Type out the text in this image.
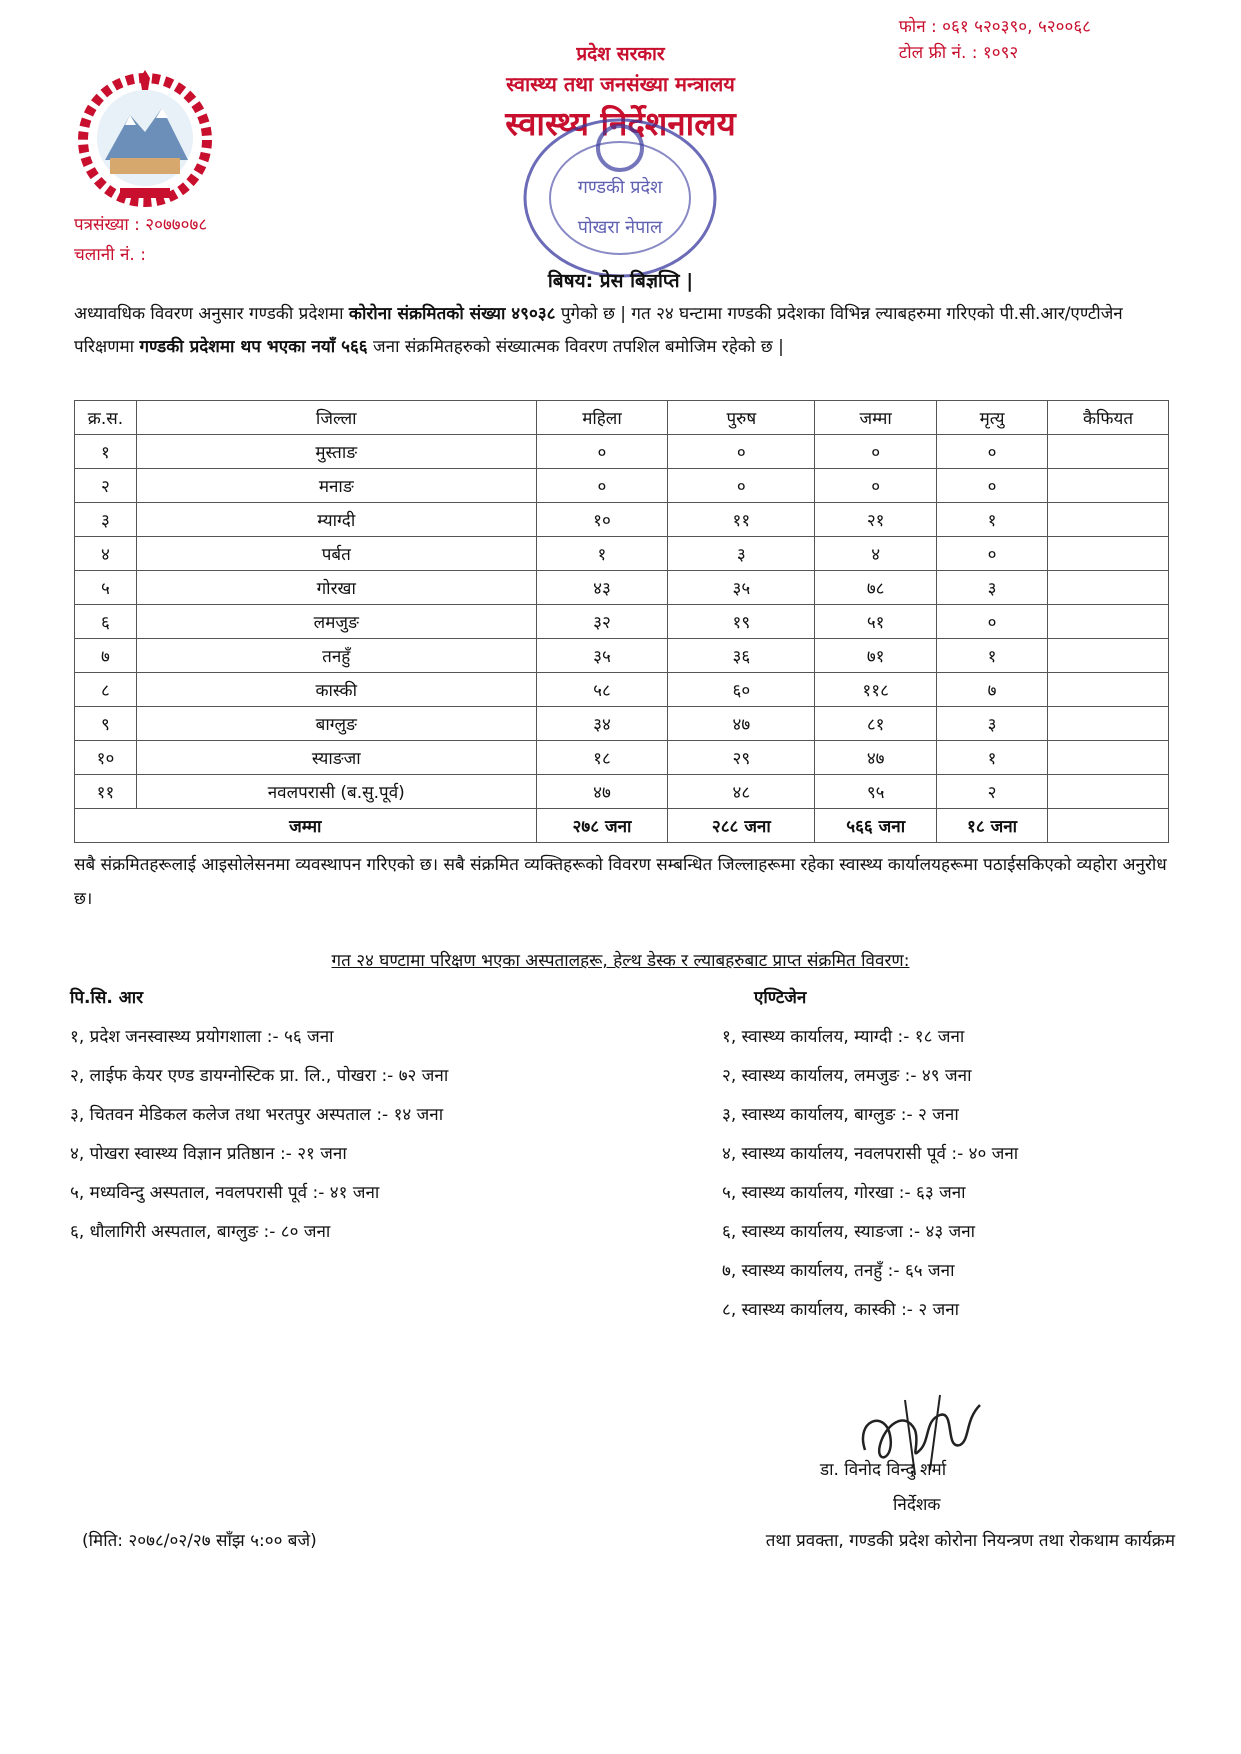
फोन : ०६१ ५२०३९०, ५२००६८
टोल फ्री नं. : १०९२
प्रदेश सरकार
स्वास्थ्य तथा जनसंख्या मन्त्रालय
स्वास्थ्य निर्देशनालय
गण्डकी प्रदेश
पोखरा नेपाल
पत्रसंख्या : २०७७०७८
चलानी नं. :
बिषय: प्रेस बिज्ञप्ति |
अध्यावधिक विवरण अनुसार गण्डकी प्रदेशमा कोरोना संक्रमितको संख्या ४९०३८ पुगेको छ | गत २४ घन्टामा गण्डकी प्रदेशका विभिन्न ल्याबहरुमा गरिएको पी.सी.आर/एण्टीजेन परिक्षणमा गण्डकी प्रदेशमा थप भएका नयाँ ५६६ जना संक्रमितहरुको संख्यात्मक विवरण तपशिल बमोजिम रहेको छ |
क्र.स.	जिल्ला	महिला	पुरुष	जम्मा	मृत्यु	कैफियत
१	मुस्ताङ	०	०	०	०	
२	मनाङ	०	०	०	०	
३	म्याग्दी	१०	११	२१	१	
४	पर्बत	१	३	४	०	
५	गोरखा	४३	३५	७८	३	
६	लमजुङ	३२	१९	५१	०	
७	तनहुँ	३५	३६	७१	१	
८	कास्की	५८	६०	११८	७	
९	बाग्लुङ	३४	४७	८१	३	
१०	स्याङजा	१८	२९	४७	१	
११	नवलपरासी (ब.सु.पूर्व)	४७	४८	९५	२	
जम्मा		२७८ जना	२८८ जना	५६६ जना	१८ जना	
सबै संक्रमितहरूलाई आइसोलेसनमा व्यवस्थापन गरिएको छ। सबै संक्रमित व्यक्तिहरूको विवरण सम्बन्धित जिल्लाहरूमा रहेका स्वास्थ्य कार्यालयहरूमा पठाईसकिएको व्यहोरा अनुरोध छ।
गत २४ घण्टामा परिक्षण भएका अस्पतालहरू, हेल्थ डेस्क र ल्याबहरुबाट प्राप्त संक्रमित विवरण:
पि.सि. आर	एण्टिजेन
१, प्रदेश जनस्वास्थ्य प्रयोगशाला :- ५६ जना
२, लाईफ केयर एण्ड डायग्नोस्टिक प्रा. लि., पोखरा :- ७२ जना
३, चितवन मेडिकल कलेज तथा भरतपुर अस्पताल :- १४ जना
४, पोखरा स्वास्थ्य विज्ञान प्रतिष्ठान :- २१ जना
५, मध्यविन्दु अस्पताल, नवलपरासी पूर्व :- ४१ जना
६, धौलागिरी अस्पताल, बाग्लुङ :- ८० जना
१, स्वास्थ्य कार्यालय, म्याग्दी :- १८ जना
२, स्वास्थ्य कार्यालय, लमजुङ :- ४९ जना
३, स्वास्थ्य कार्यालय, बाग्लुङ :- २ जना
४, स्वास्थ्य कार्यालय, नवलपरासी पूर्व :- ४० जना
५, स्वास्थ्य कार्यालय, गोरखा :- ६३ जना
६, स्वास्थ्य कार्यालय, स्याङजा :- ४३ जना
७, स्वास्थ्य कार्यालय, तनहुँ :- ६५ जना
८, स्वास्थ्य कार्यालय, कास्की :- २ जना
डा. विनोद विन्दु शर्मा
निर्देशक
तथा प्रवक्ता, गण्डकी प्रदेश कोरोना नियन्त्रण तथा रोकथाम कार्यक्रम
(मिति: २०७८/०२/२७ साँझ ५:०० बजे)
